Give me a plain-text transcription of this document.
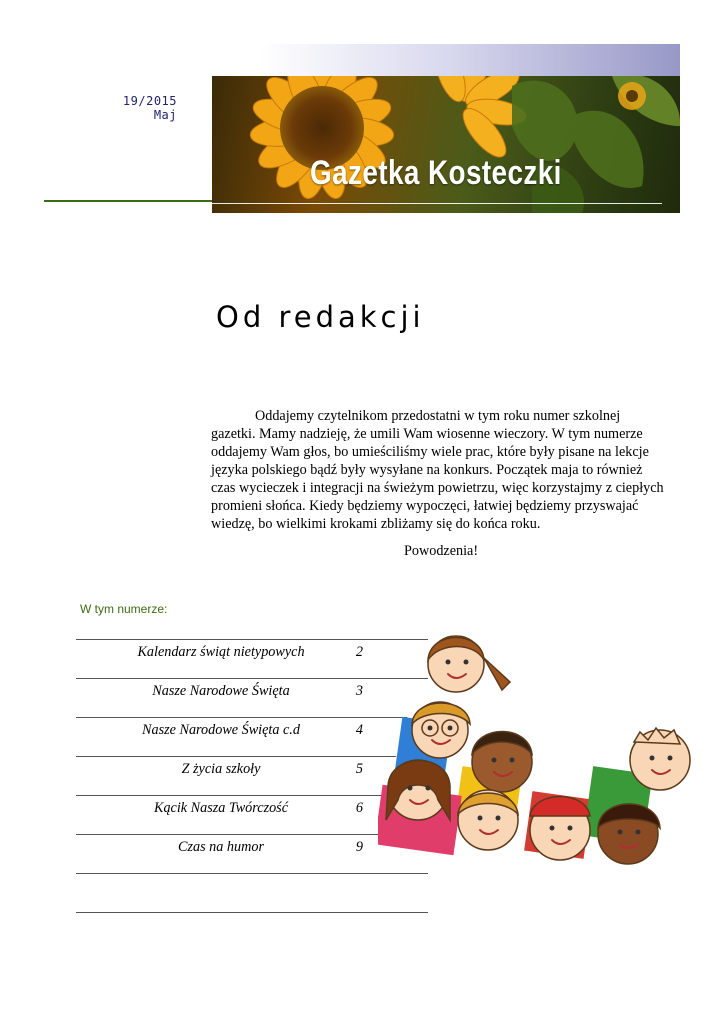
19/2015
Maj
Gazetka Kosteczki
Od redakcji

Oddajemy czytelnikom przedostatni w tym roku numer szkolnej gazetki. Mamy nadzieję, że umili Wam wiosenne wieczory. W tym numerze oddajemy Wam głos, bo umieściliśmy wiele prac, które były pisane na lekcje języka polskiego bądź były wysyłane na konkurs. Początek maja to również czas wycieczek i integracji na świeżym powietrzu, więc korzystajmy z ciepłych promieni słońca. Kiedy będziemy wypoczęci, łatwiej będziemy przyswajać wiedzę, bo wielkimi krokami zbliżamy się do końca roku.

Powodzenia!
W tym numerze:
Kalendarz świąt nietypowych	2
Nasze Narodowe Święta	3
Nasze Narodowe Święta c.d	4
Z życia szkoły	5
Kącik Nasza Twórczość	6
Czas na humor	9
